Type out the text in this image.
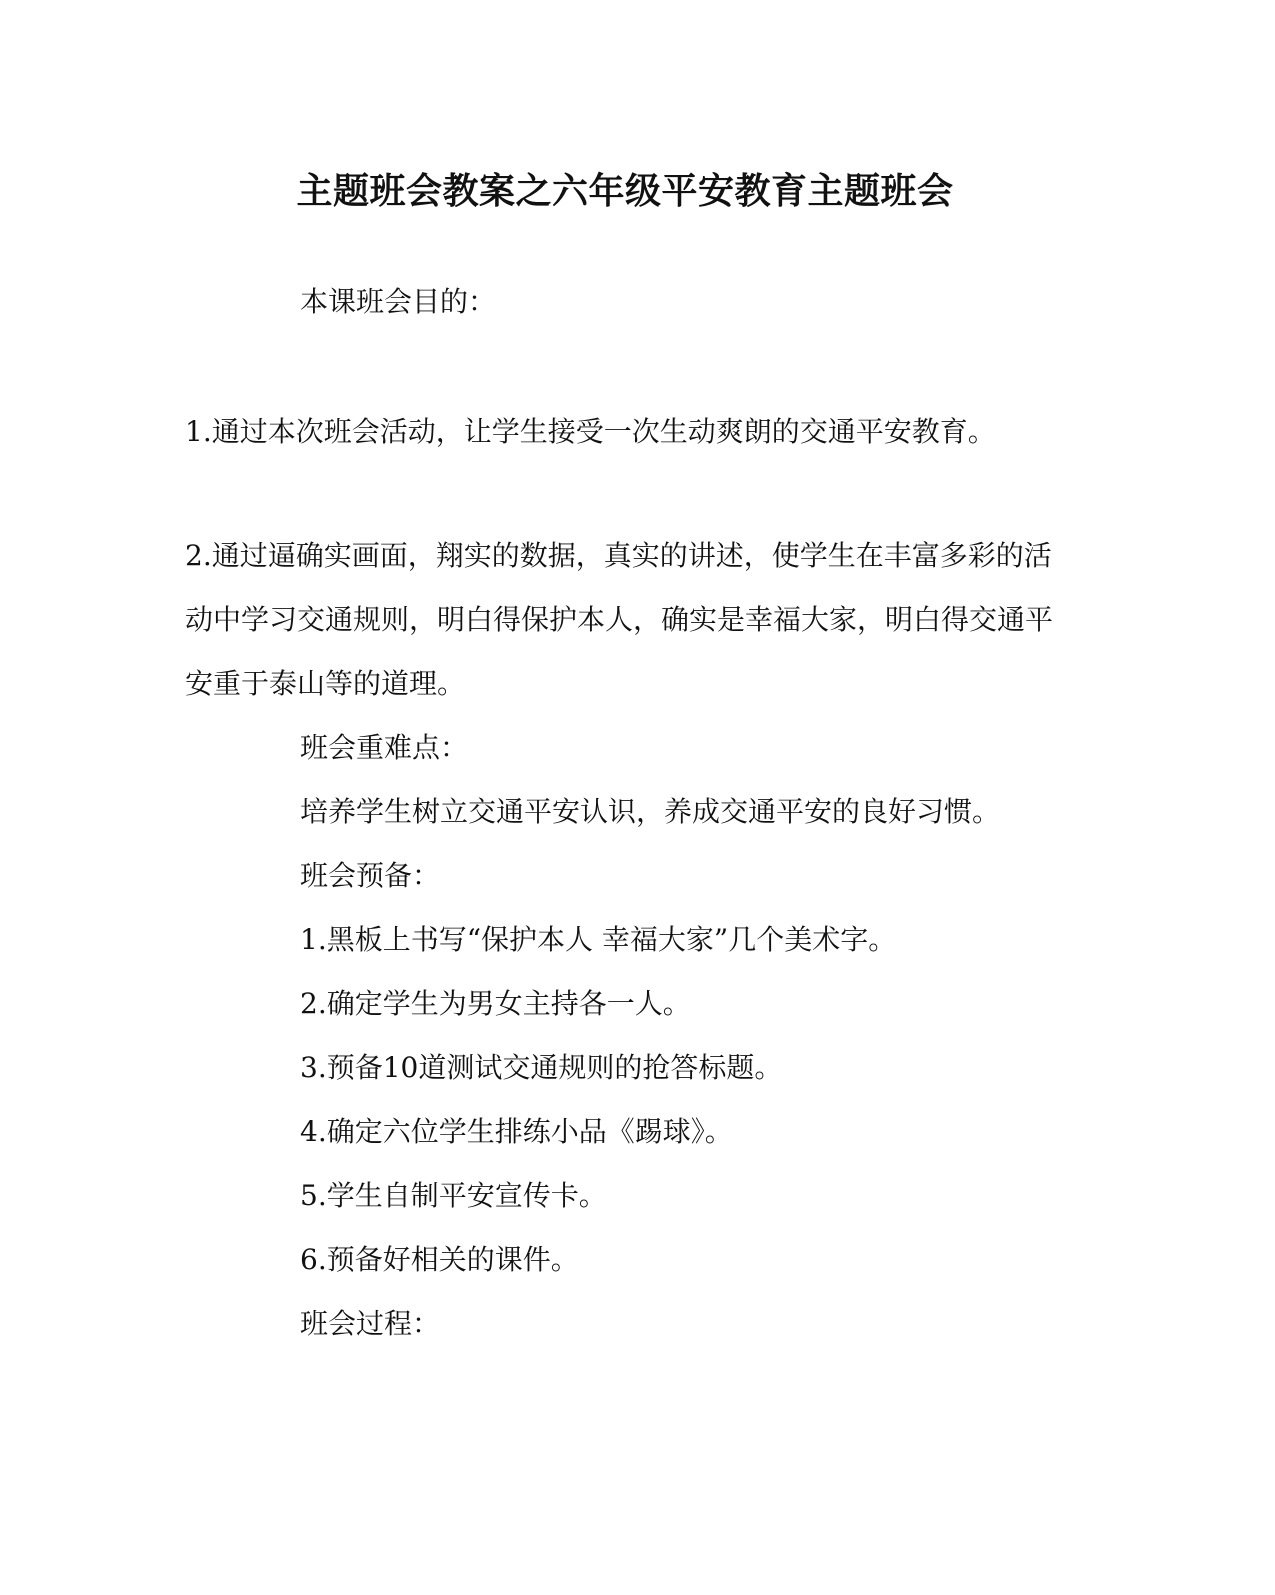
主题班会教案之六年级平安教育主题班会
本课班会目的：
1.通过本次班会活动，让学生接受一次生动爽朗的交通平安教育。
2.通过逼确实画面，翔实的数据，真实的讲述，使学生在丰富多彩的活动中学习交通规则，明白得保护本人，确实是幸福大家，明白得交通平安重于泰山等的道理。
班会重难点：
培养学生树立交通平安认识，养成交通平安的良好习惯。
班会预备：
1.黑板上书写“保护本人 幸福大家”几个美术字。
2.确定学生为男女主持各一人。
3.预备10道测试交通规则的抢答标题。
4.确定六位学生排练小品《踢球》。
5.学生自制平安宣传卡。
6.预备好相关的课件。
班会过程：
